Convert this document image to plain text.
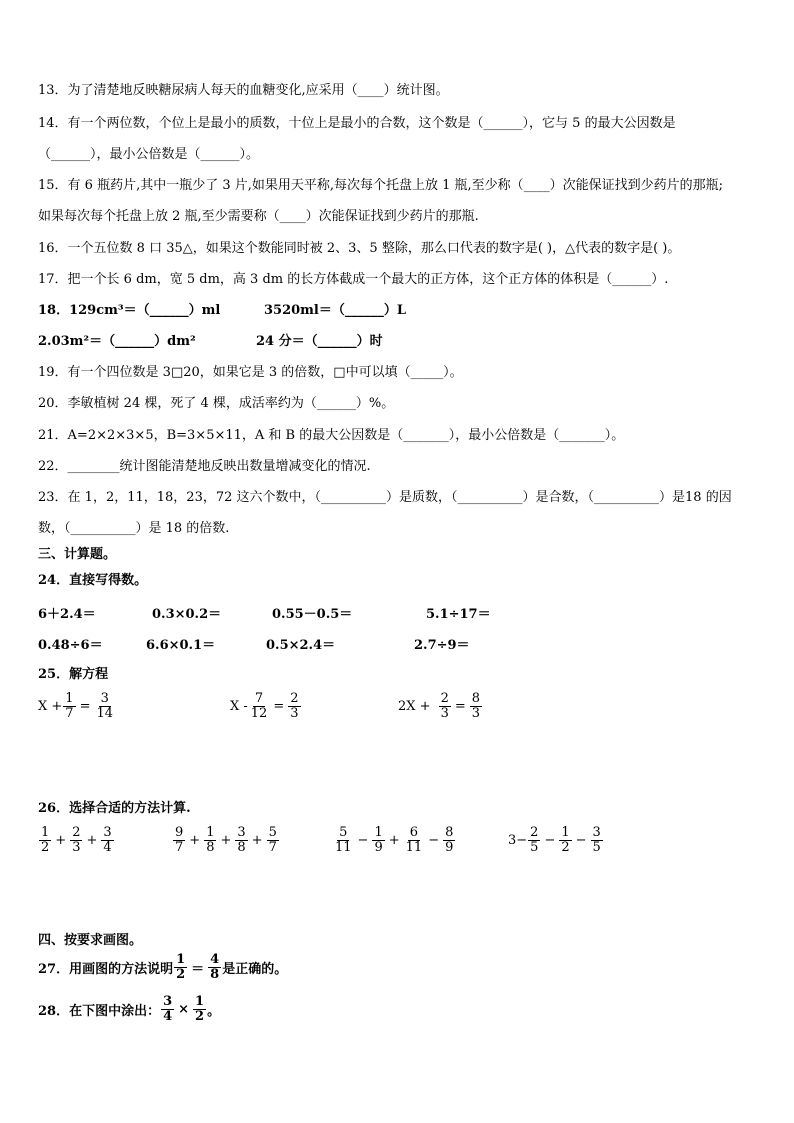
13．为了清楚地反映糖尿病人每天的血糖变化,应采用（____）统计图。
14．有一个两位数，个位上是最小的质数，十位上是最小的合数，这个数是（______），它与 5 的最大公因数是
（______），最小公倍数是（______）。
15．有 6 瓶药片,其中一瓶少了 3 片,如果用天平称,每次每个托盘上放 1 瓶,至少称（____）次能保证找到少药片的那瓶;
如果每次每个托盘上放 2 瓶,至少需要称（____）次能保证找到少药片的那瓶.
16．一个五位数 8 口 35△，如果这个数能同时被 2、3、5 整除，那么口代表的数字是( )，△代表的数字是( )。
17．把一个长 6 dm，宽 5 dm，高 3 dm 的长方体截成一个最大的正方体，这个正方体的体积是（______）.
18．129cm³＝（______）ml	3520ml＝（______）L
2.03m²＝（______）dm²	24 分＝（______）时
19．有一个四位数是 3□20，如果它是 3 的倍数，□中可以填（_____）。
20．李敏植树 24 棵，死了 4 棵，成活率约为（______）%。
21．A=2×2×3×5，B=3×5×11，A 和 B 的最大公因数是（_______），最小公倍数是（_______）。
22．________统计图能清楚地反映出数量增减变化的情况.
23．在 1，2，11，18，23，72 这六个数中，（__________）是质数，（__________）是合数，（__________）是18 的因
数，（__________）是 18 的倍数.
三、计算题。
24．直接写得数。
6＋2.4＝	0.3×0.2＝	0.55－0.5＝	5.1÷17＝
0.48÷6＝	6.6×0.1＝	0.5×2.4＝	2.7÷9＝
25．解方程
$X + \frac{1}{7} = \frac{3}{14}$	$X - \frac{7}{12} = \frac{2}{3}$	$2X + \frac{2}{3} = \frac{8}{3}$
26．选择合适的方法计算.
$\frac{1}{2} + \frac{2}{3} + \frac{3}{4}$	$\frac{9}{7} + \frac{1}{8} + \frac{3}{8} + \frac{5}{7}$	$\frac{5}{11} - \frac{1}{9} + \frac{6}{11} - \frac{8}{9}$	$3- \frac{2}{5} - \frac{1}{2} - \frac{3}{5}$
四、按要求画图。
27．用画图的方法说明 $\frac{1}{2} = \frac{4}{8}$ 是正确的。
28．在下图中涂出： $\frac{3}{4} \times \frac{1}{2}$ 。
